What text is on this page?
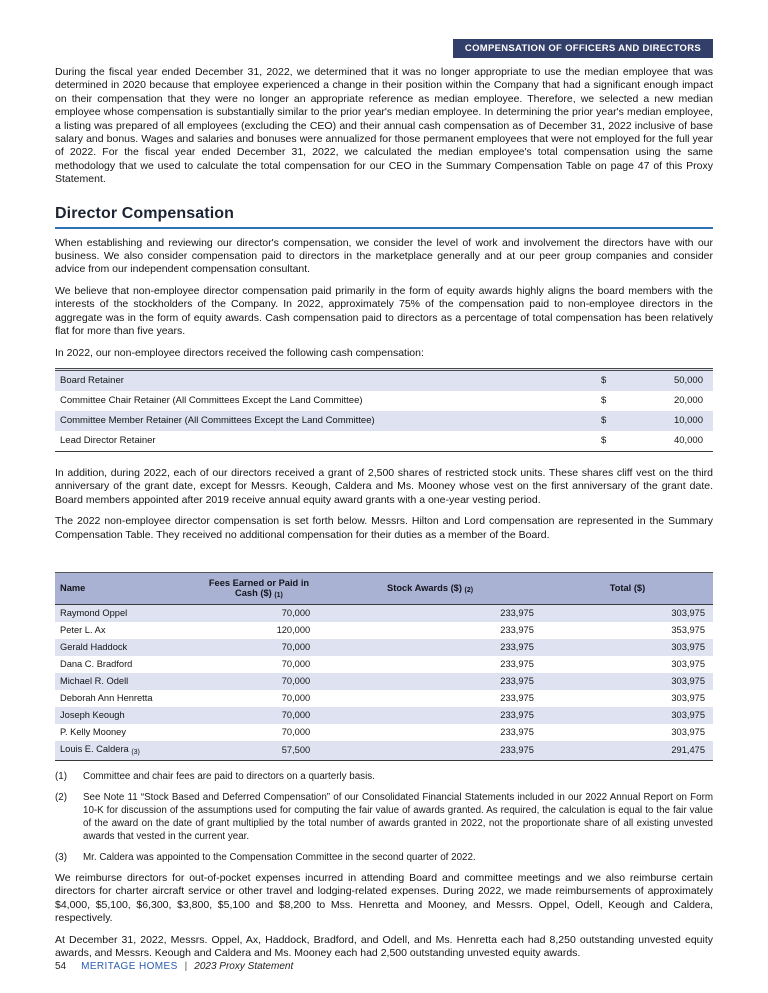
COMPENSATION OF OFFICERS AND DIRECTORS

During the fiscal year ended December 31, 2022, we determined that it was no longer appropriate to use the median employee that was determined in 2020 because that employee experienced a change in their position within the Company that had a significant enough impact on their compensation that they were no longer an appropriate reference as median employee. Therefore, we selected a new median employee whose compensation is substantially similar to the prior year's median employee. In determining the prior year's median employee, a listing was prepared of all employees (excluding the CEO) and their annual cash compensation as of December 31, 2022 inclusive of base salary and bonus. Wages and salaries and bonuses were annualized for those permanent employees that were not employed for the full year of 2022. For the fiscal year ended December 31, 2022, we calculated the median employee's total compensation using the same methodology that we used to calculate the total compensation for our CEO in the Summary Compensation Table on page 47 of this Proxy Statement.

Director Compensation

When establishing and reviewing our director's compensation, we consider the level of work and involvement the directors have with our business. We also consider compensation paid to directors in the marketplace generally and at our peer group companies and consider advice from our independent compensation consultant.

We believe that non-employee director compensation paid primarily in the form of equity awards highly aligns the board members with the interests of the stockholders of the Company. In 2022, approximately 75% of the compensation paid to non-employee directors in the aggregate was in the form of equity awards. Cash compensation paid to directors as a percentage of total compensation has been relatively flat for more than five years.

In 2022, our non-employee directors received the following cash compensation:

Board Retainer	$	50,000
Committee Chair Retainer (All Committees Except the Land Committee)	$	20,000
Committee Member Retainer (All Committees Except the Land Committee)	$	10,000
Lead Director Retainer	$	40,000

In addition, during 2022, each of our directors received a grant of 2,500 shares of restricted stock units. These shares cliff vest on the third anniversary of the grant date, except for Messrs. Keough, Caldera and Ms. Mooney whose vest on the first anniversary of the grant date. Board members appointed after 2019 receive annual equity award grants with a one-year vesting period.

The 2022 non-employee director compensation is set forth below. Messrs. Hilton and Lord compensation are represented in the Summary Compensation Table. They received no additional compensation for their duties as a member of the Board.

Name	Fees Earned or Paid in Cash ($) (1)	Stock Awards ($) (2)	Total ($)
Raymond Oppel	70,000	233,975	303,975
Peter L. Ax	120,000	233,975	353,975
Gerald Haddock	70,000	233,975	303,975
Dana C. Bradford	70,000	233,975	303,975
Michael R. Odell	70,000	233,975	303,975
Deborah Ann Henretta	70,000	233,975	303,975
Joseph Keough	70,000	233,975	303,975
P. Kelly Mooney	70,000	233,975	303,975
Louis E. Caldera $_{(3)}$	57,500	233,975	291,475
(1)	Committee and chair fees are paid to directors on a quarterly basis.
(2)	See Note 11 “Stock Based and Deferred Compensation” of our Consolidated Financial Statements included in our 2022 Annual Report on Form 10-K for discussion of the assumptions used for computing the fair value of awards granted. As required, the calculation is equal to the fair value of the award on the date of grant multiplied by the total number of awards granted in 2022, not the proportionate share of all existing unvested awards that vested in the current year.
(3)	Mr. Caldera was appointed to the Compensation Committee in the second quarter of 2022.

We reimburse directors for out-of-pocket expenses incurred in attending Board and committee meetings and we also reimburse certain directors for charter aircraft service or other travel and lodging-related expenses. During 2022, we made reimbursements of approximately $4,000, $5,100, $6,300, $3,800, $5,100 and $8,200 to Mss. Henretta and Mooney, and Messrs. Oppel, Odell, Keough and Caldera, respectively.

At December 31, 2022, Messrs. Oppel, Ax, Haddock, Bradford, and Odell, and Ms. Henretta each had 8,250 outstanding unvested equity awards, and Messrs. Keough and Caldera and Ms. Mooney each had 2,500 outstanding unvested equity awards.

54 MERITAGE HOMES | 2023 Proxy Statement
